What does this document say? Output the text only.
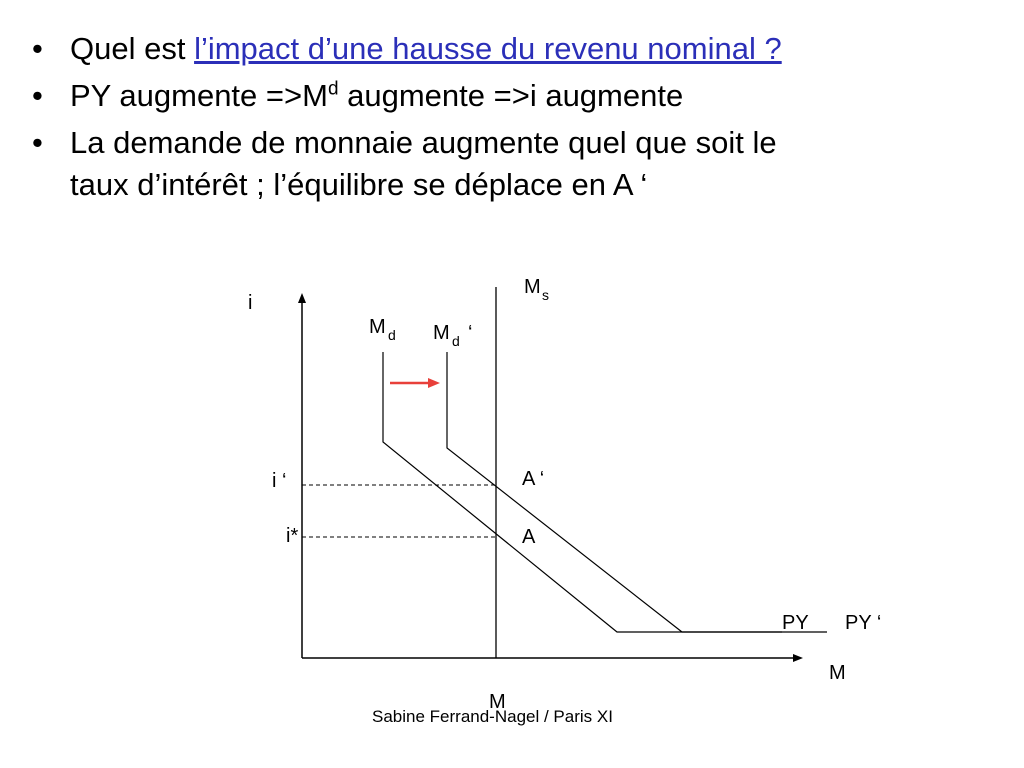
• Quel est l’impact d’une hausse du revenu nominal ?
• PY augmente $=>M^d$ augmente =>i augmente
• La demande de monnaie augmente quel que soit le
taux d’intérêt ; l’équilibre se déplace en A ‘
i
M
M s
M d M d ‘
i ‘
i*
A ‘
A
PY PY ‘
M
Sabine Ferrand-Nagel / Paris XI
